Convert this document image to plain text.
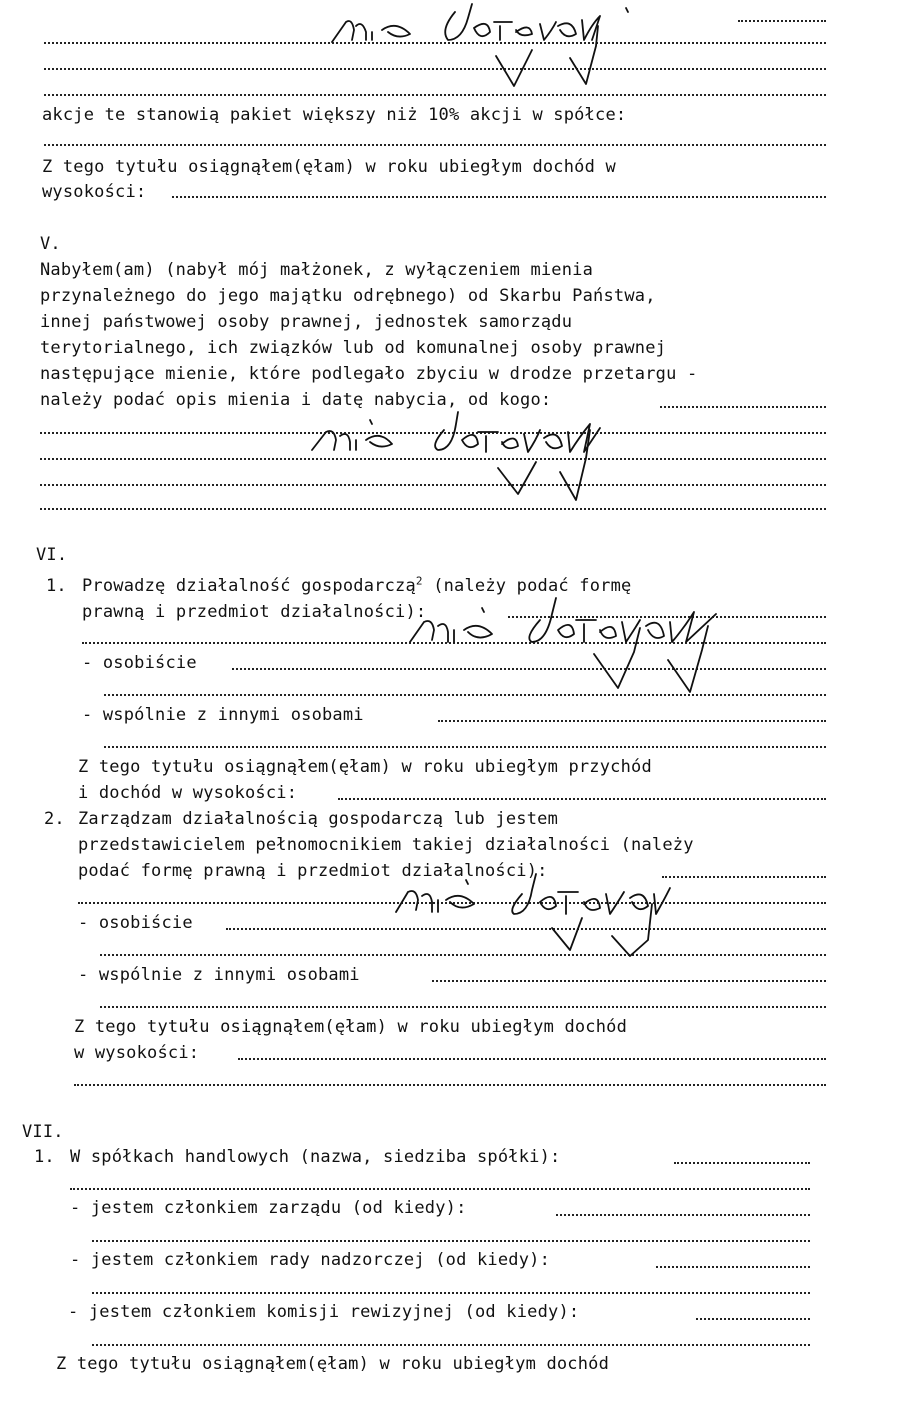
akcje te stanowią pakiet większy niż 10% akcji w spółce:
Z tego tytułu osiągnąłem(ęłam) w roku ubiegłym dochód w
wysokości:
V.
Nabyłem(am) (nabył mój małżonek, z wyłączeniem mienia
przynależnego do jego majątku odrębnego) od Skarbu Państwa,
innej państwowej osoby prawnej, jednostek samorządu
terytorialnego, ich związków lub od komunalnej osoby prawnej
następujące mienie, które podlegało zbyciu w drodze przetargu -
należy podać opis mienia i datę nabycia, od kogo:
VI.
1. Prowadzę działalność gospodarczą$^2$ (należy podać formę
prawną i przedmiot działalności):
- osobiście
- wspólnie z innymi osobami
Z tego tytułu osiągnąłem(ęłam) w roku ubiegłym przychód
i dochód w wysokości:
2. Zarządzam działalnością gospodarczą lub jestem
przedstawicielem pełnomocnikiem takiej działalności (należy
podać formę prawną i przedmiot działalności):
- osobiście
- wspólnie z innymi osobami
Z tego tytułu osiągnąłem(ęłam) w roku ubiegłym dochód
w wysokości:
VII.
1. W spółkach handlowych (nazwa, siedziba spółki):
- jestem członkiem zarządu (od kiedy):
- jestem członkiem rady nadzorczej (od kiedy):
- jestem członkiem komisji rewizyjnej (od kiedy):
Z tego tytułu osiągnąłem(ęłam) w roku ubiegłym dochód
